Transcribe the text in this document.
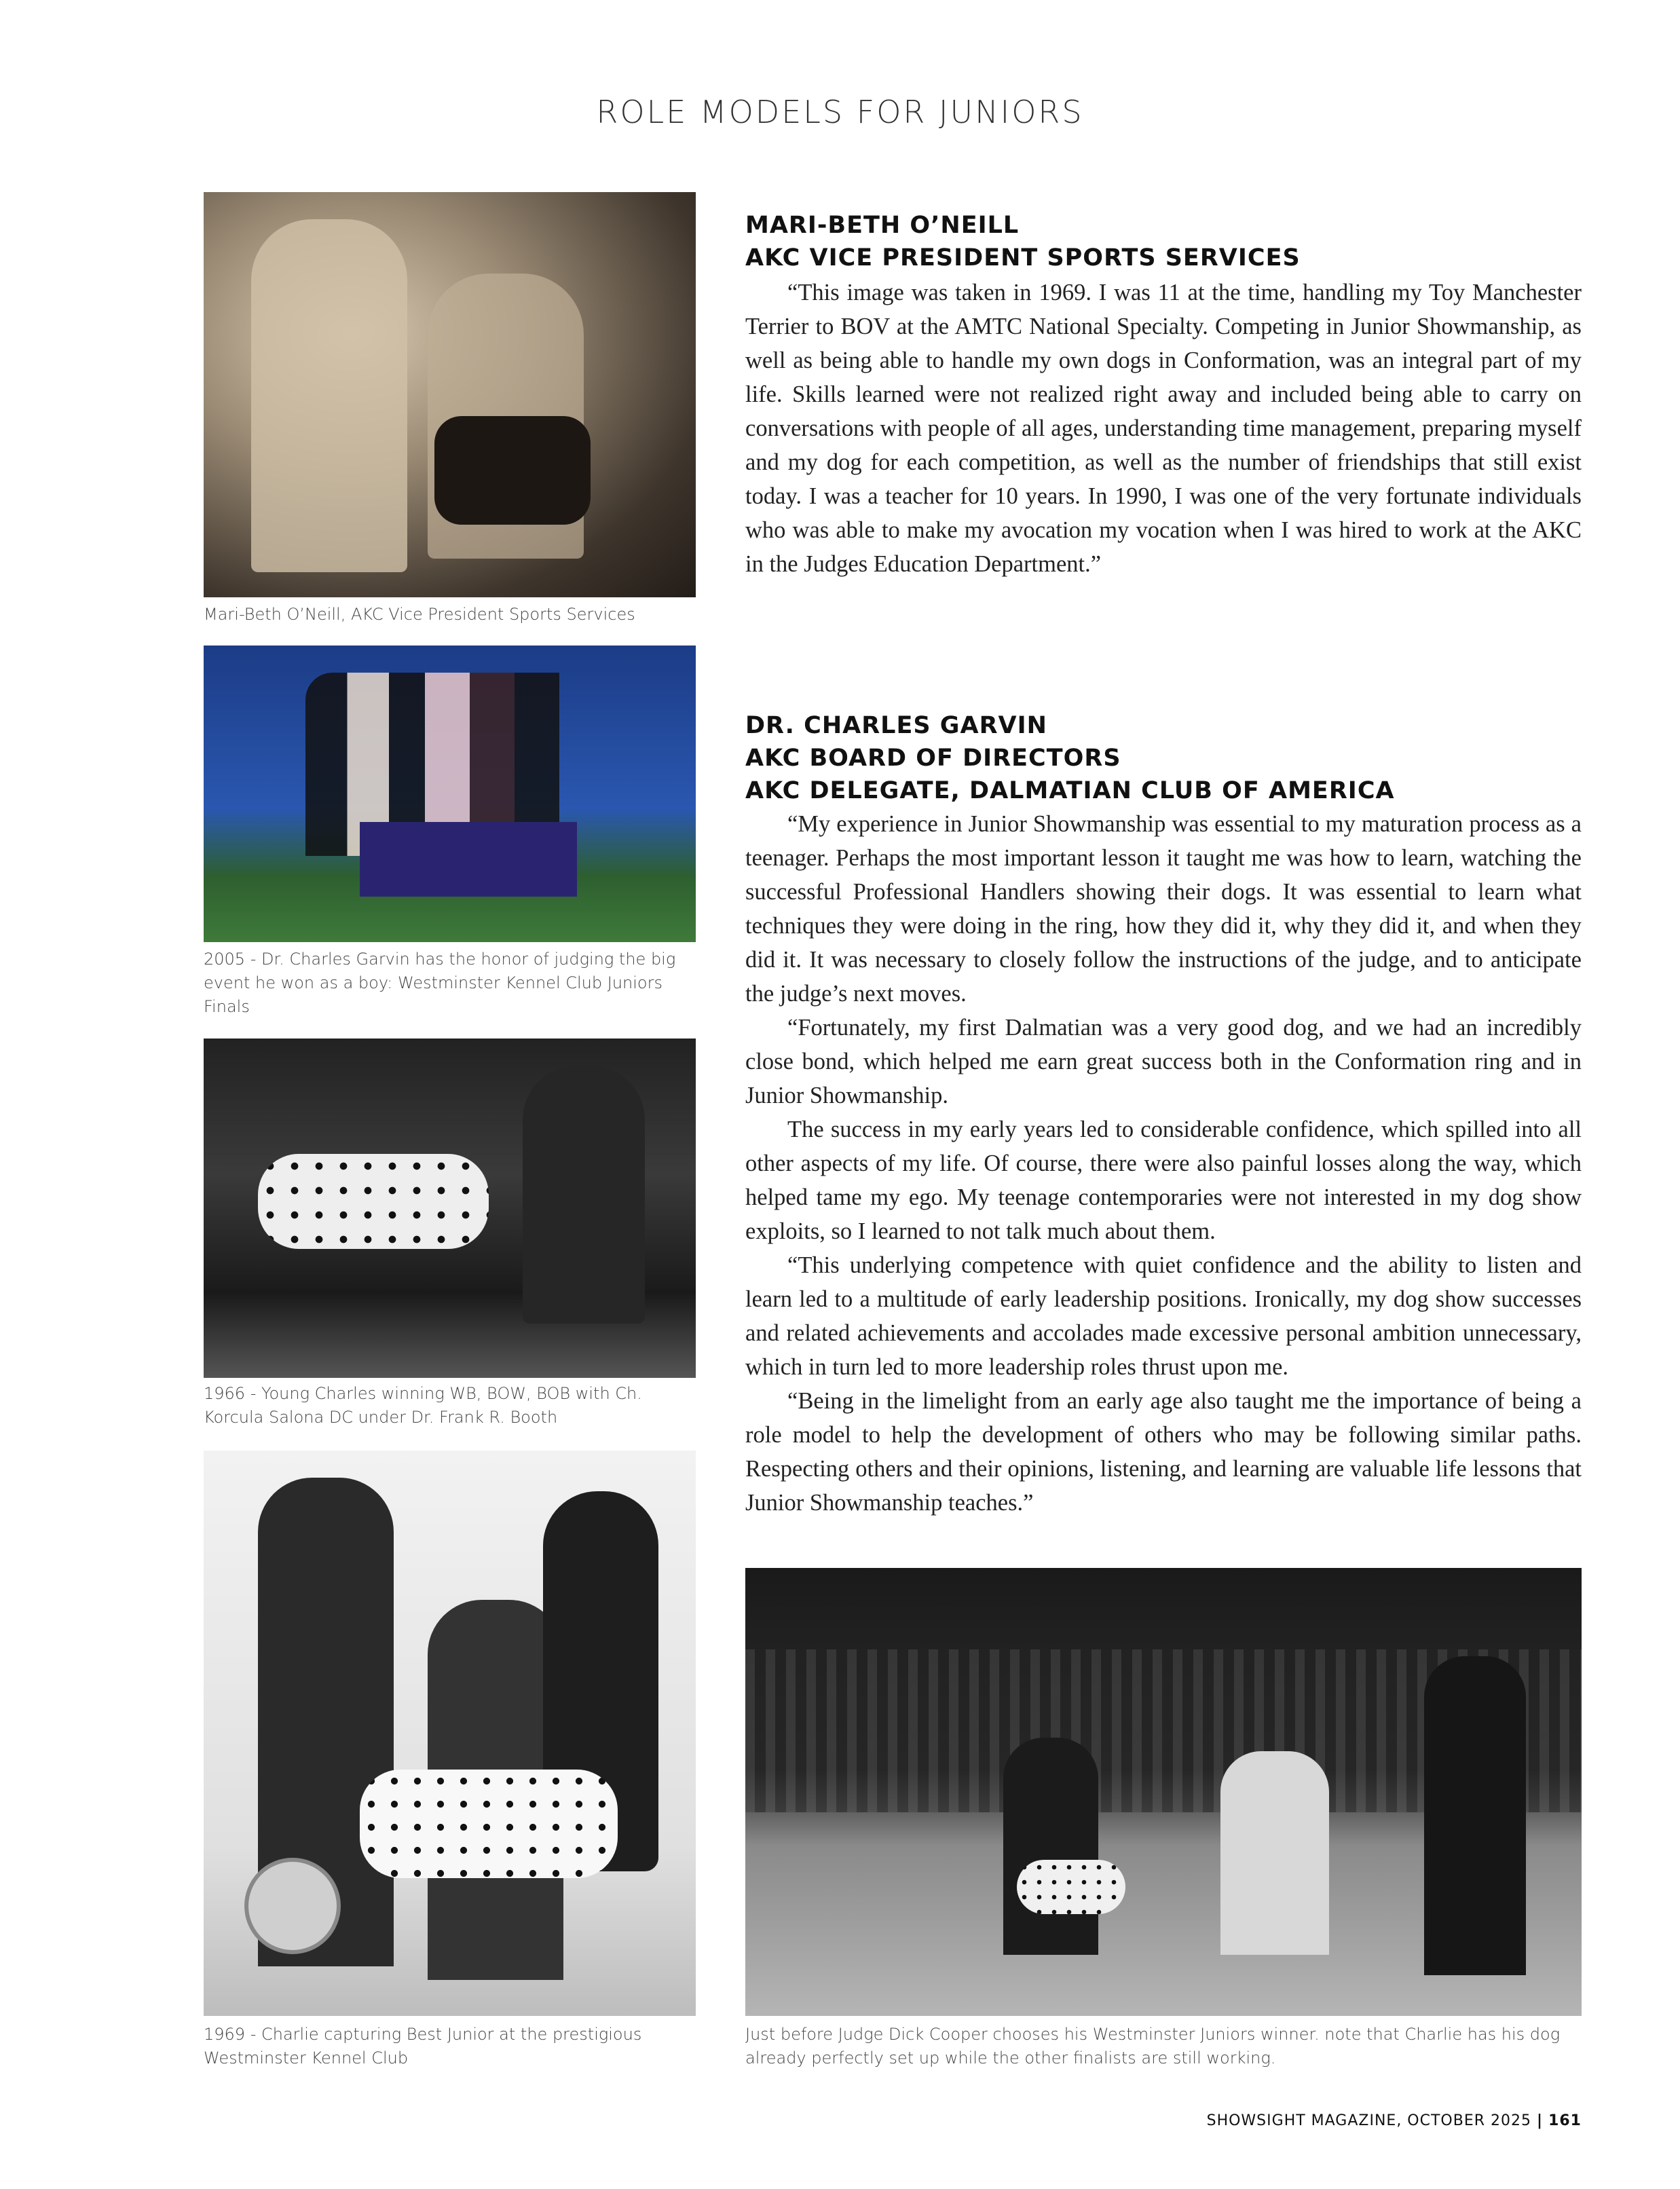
ROLE MODELS FOR JUNIORS
Mari-Beth O’Neill, AKC Vice President Sports Services
2005 - Dr. Charles Garvin has the honor of judging the big event he won as a boy: Westminster Kennel Club Juniors Finals
1966 - Young Charles winning WB, BOW, BOB with Ch. Korcula Salona DC under Dr. Frank R. Booth
1969 - Charlie capturing Best Junior at the prestigious Westminster Kennel Club
MARI-BETH O’NEILL
AKC VICE PRESIDENT SPORTS SERVICES

“This image was taken in 1969. I was 11 at the time, handling my Toy Manchester Terrier to BOV at the AMTC National Specialty. Competing in Junior Showmanship, as well as being able to handle my own dogs in Conformation, was an integral part of my life. Skills learned were not realized right away and included being able to carry on conversations with people of all ages, understanding time management, preparing myself and my dog for each competition, as well as the number of friendships that still exist today. I was a teacher for 10 years. In 1990, I was one of the very fortunate individuals who was able to make my avocation my vocation when I was hired to work at the AKC in the Judges Education Department.”

DR. CHARLES GARVIN
AKC BOARD OF DIRECTORS
AKC DELEGATE, DALMATIAN CLUB OF AMERICA

“My experience in Junior Showmanship was essential to my maturation process as a teenager. Perhaps the most important lesson it taught me was how to learn, watching the successful Professional Handlers showing their dogs. It was essential to learn what techniques they were doing in the ring, how they did it, why they did it, and when they did it. It was necessary to closely follow the instructions of the judge, and to anticipate the judge’s next moves.

“Fortunately, my first Dalmatian was a very good dog, and we had an incredibly close bond, which helped me earn great success both in the Conformation ring and in Junior Showmanship.

The success in my early years led to considerable confidence, which spilled into all other aspects of my life. Of course, there were also painful losses along the way, which helped tame my ego. My teenage contemporaries were not interested in my dog show exploits, so I learned to not talk much about them.

“This underlying competence with quiet confidence and the ability to listen and learn led to a multitude of early leadership positions. Ironically, my dog show successes and related achievements and accolades made excessive personal ambition unnecessary, which in turn led to more leadership roles thrust upon me.

“Being in the limelight from an early age also taught me the importance of being a role model to help the development of others who may be following similar paths. Respecting others and their opinions, listening, and learning are valuable life lessons that Junior Showmanship teaches.”

Just before Judge Dick Cooper chooses his Westminster Juniors winner. note that Charlie has his dog already perfectly set up while the other finalists are still working.
SHOWSIGHT MAGAZINE, OCTOBER 2025 | 161
